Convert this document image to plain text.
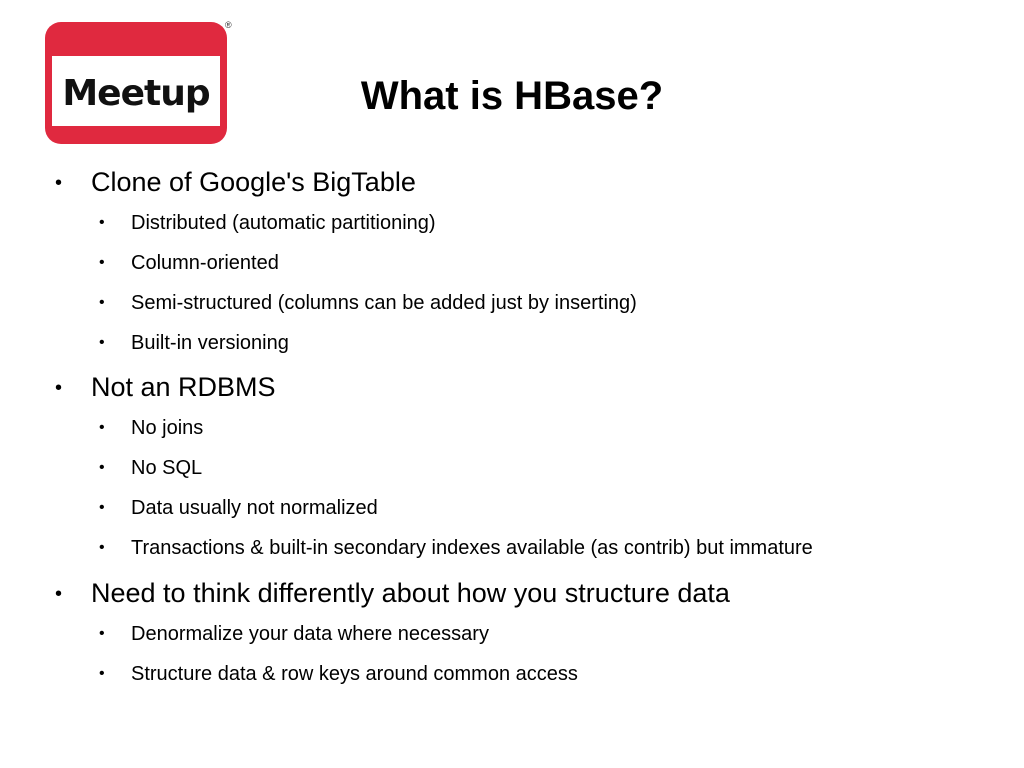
Meetup
®
What is HBase?
• Clone of Google's BigTable
• Distributed (automatic partitioning)
• Column-oriented
• Semi-structured (columns can be added just by inserting)
• Built-in versioning
• Not an RDBMS
• No joins
• No SQL
• Data usually not normalized
• Transactions & built-in secondary indexes available (as contrib) but immature
• Need to think differently about how you structure data
• Denormalize your data where necessary
• Structure data & row keys around common access
